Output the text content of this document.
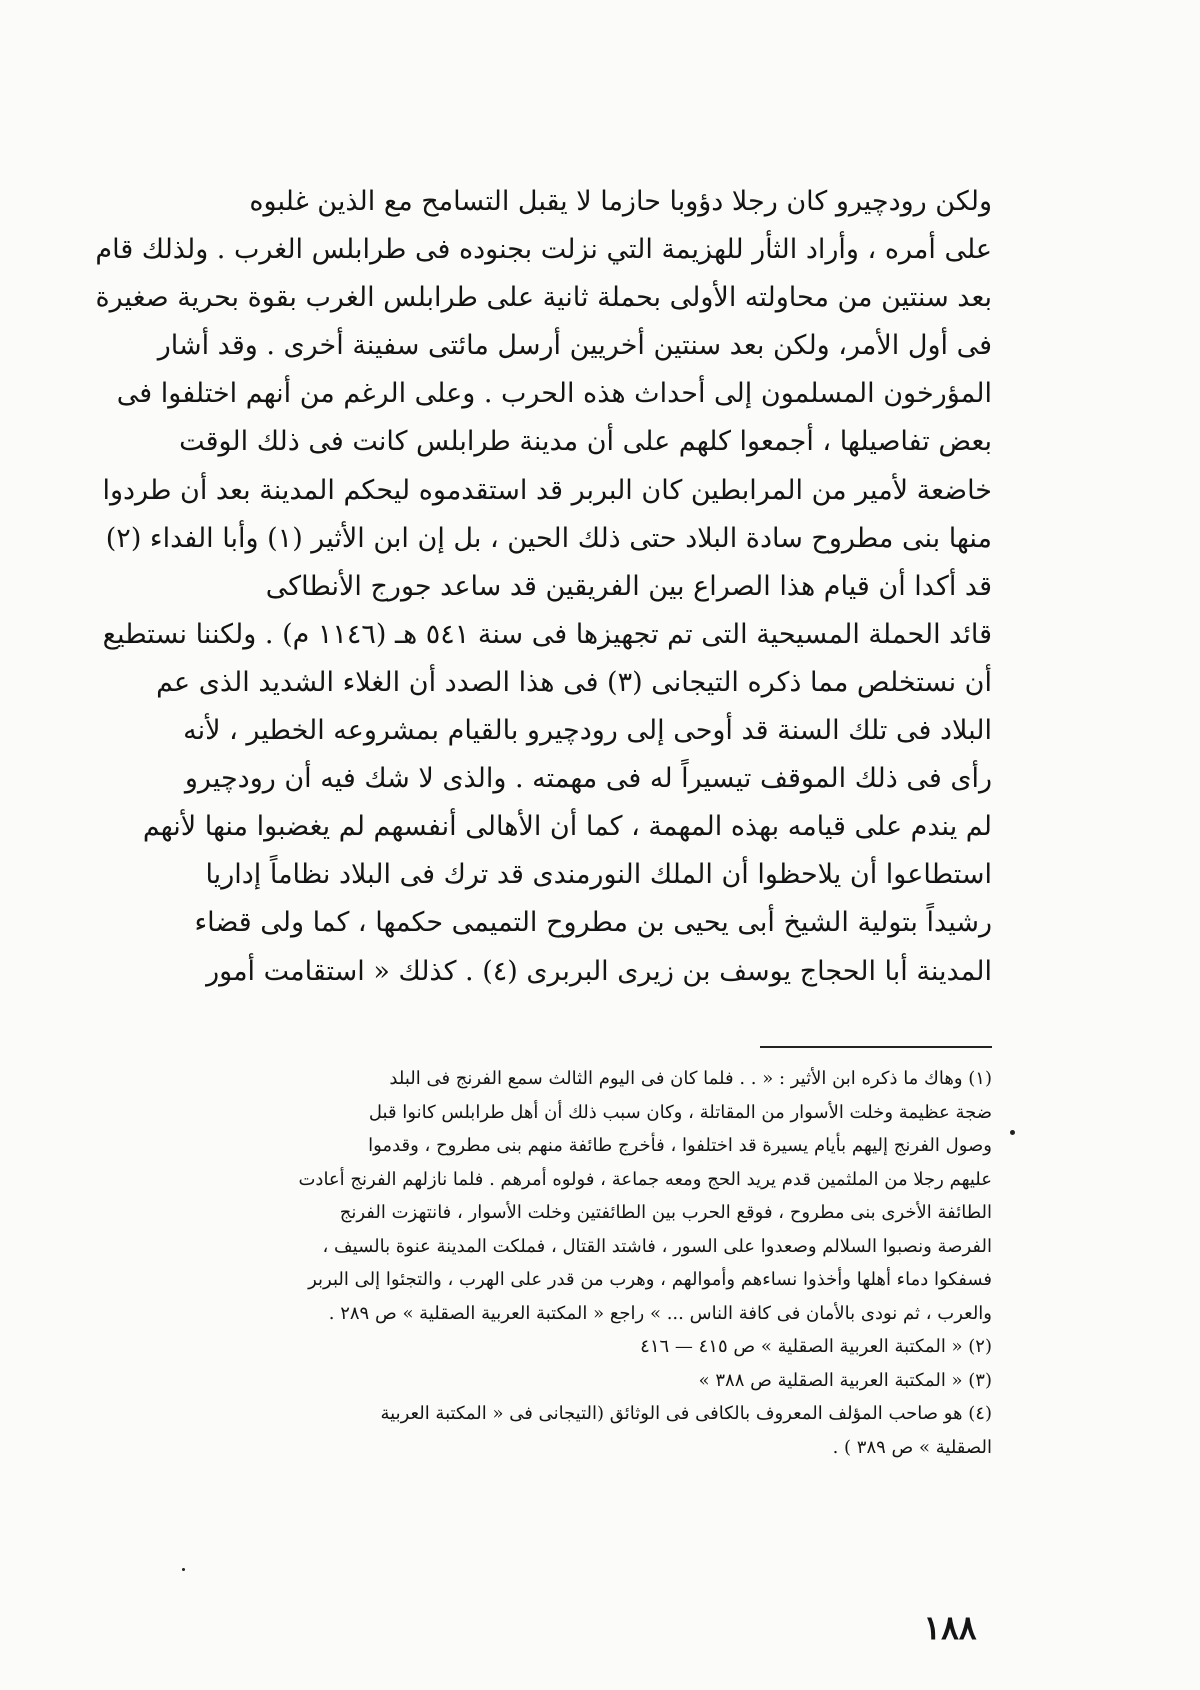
ولكن رودچيرو كان رجلا دؤوبا حازما لا يقبل التسامح مع الذين غلبوه
على أمره ، وأراد الثأر للهزيمة التي نزلت بجنوده فى طرابلس الغرب . ولذلك قام
بعد سنتين من محاولته الأولى بحملة ثانية على طرابلس الغرب بقوة بحرية صغيرة
فى أول الأمر، ولكن بعد سنتين أخريين أرسل مائتى سفينة أخرى . وقد أشار
المؤرخون المسلمون إلى أحداث هذه الحرب . وعلى الرغم من أنهم اختلفوا فى
بعض تفاصيلها ، أجمعوا كلهم على أن مدينة طرابلس كانت فى ذلك الوقت
خاضعة لأمير من المرابطين كان البربر قد استقدموه ليحكم المدينة بعد أن طردوا
منها بنى مطروح سادة البلاد حتى ذلك الحين ، بل إن ابن الأثير (١) وأبا الفداء (٢)
قد أكدا أن قيام هذا الصراع بين الفريقين قد ساعد جورج الأنطاكى
قائد الحملة المسيحية التى تم تجهيزها فى سنة ٥٤١ هـ (١١٤٦ م) . ولكننا نستطيع
أن نستخلص مما ذكره التيجانى (٣) فى هذا الصدد أن الغلاء الشديد الذى عم
البلاد فى تلك السنة قد أوحى إلى رودچيرو بالقيام بمشروعه الخطير ، لأنه
رأى فى ذلك الموقف تيسيراً له فى مهمته . والذى لا شك فيه أن رودچيرو
لم يندم على قيامه بهذه المهمة ، كما أن الأهالى أنفسهم لم يغضبوا منها لأنهم
استطاعوا أن يلاحظوا أن الملك النورمندى قد ترك فى البلاد نظاماً إداريا
رشيداً بتولية الشيخ أبى يحيى بن مطروح التميمى حكمها ، كما ولى قضاء
المدينة أبا الحجاج يوسف بن زيرى البربرى (٤) . كذلك « استقامت أمور
(١) وهاك ما ذكره ابن الأثير : « . . فلما كان فى اليوم الثالث سمع الفرنج فى البلد
ضجة عظيمة وخلت الأسوار من المقاتلة ، وكان سبب ذلك أن أهل طرابلس كانوا قبل
وصول الفرنج إليهم بأيام يسيرة قد اختلفوا ، فأخرج طائفة منهم بنى مطروح ، وقدموا
عليهم رجلا من الملثمين قدم يريد الحج ومعه جماعة ، فولوه أمرهم . فلما نازلهم الفرنج أعادت
الطائفة الأخرى بنى مطروح ، فوقع الحرب بين الطائفتين وخلت الأسوار ، فانتهزت الفرنج
الفرصة ونصبوا السلالم وصعدوا على السور ، فاشتد القتال ، فملكت المدينة عنوة بالسيف ،
فسفكوا دماء أهلها وأخذوا نساءهم وأموالهم ، وهرب من قدر على الهرب ، والتجئوا إلى البربر
والعرب ، ثم نودى بالأمان فى كافة الناس ... » راجع « المكتبة العربية الصقلية » ص ٢٨٩ .
(٢) « المكتبة العربية الصقلية » ص ٤١٥ — ٤١٦
(٣) « المكتبة العربية الصقلية ص ٣٨٨ »
(٤) هو صاحب المؤلف المعروف بالكافى فى الوثائق (التيجانى فى « المكتبة العربية
الصقلية » ص ٣٨٩ ) .
١٨٨
